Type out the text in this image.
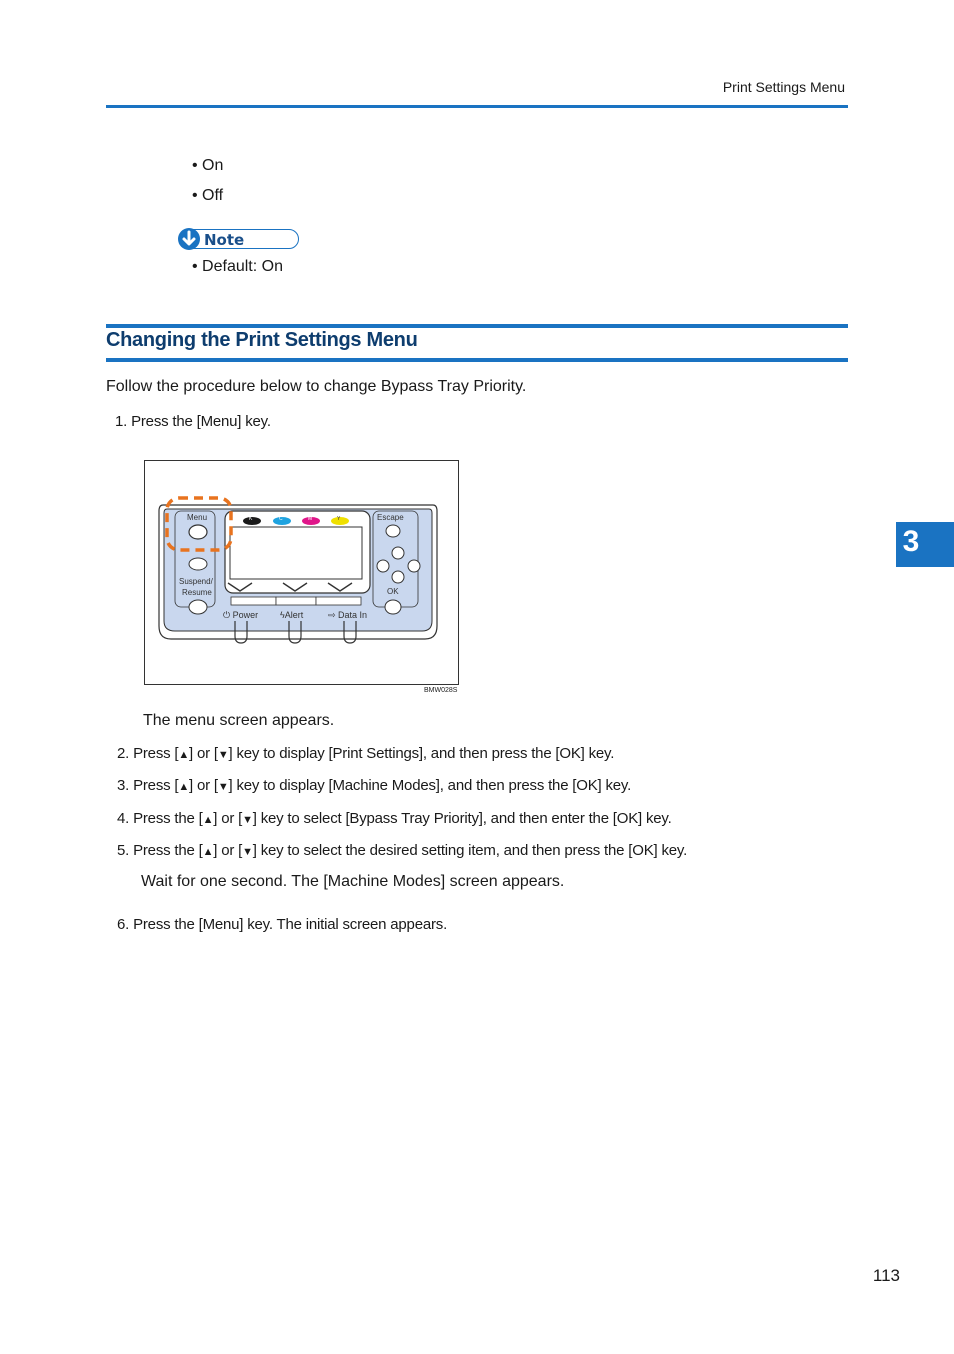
Print Settings Menu
• On
• Off
Note
• Default: On
Changing the Print Settings Menu
Follow the procedure below to change Bypass Tray Priority.
1. Press the [Menu] key.
Menu	Escape
Suspend/
Resume	OK
⏻ Power ϟAlert	⇨ Data In
K	C	M	Y
BMW028S
The menu screen appears.
2. Press [▲] or [▼] key to display [Print Settings], and then press the [OK] key.
3. Press [▲] or [▼] key to display [Machine Modes], and then press the [OK] key.
4. Press the [▲] or [▼] key to select [Bypass Tray Priority], and then enter the [OK] key.
5. Press the [▲] or [▼] key to select the desired setting item, and then press the [OK] key.
Wait for one second. The [Machine Modes] screen appears.
6. Press the [Menu] key. The initial screen appears.
3
113
